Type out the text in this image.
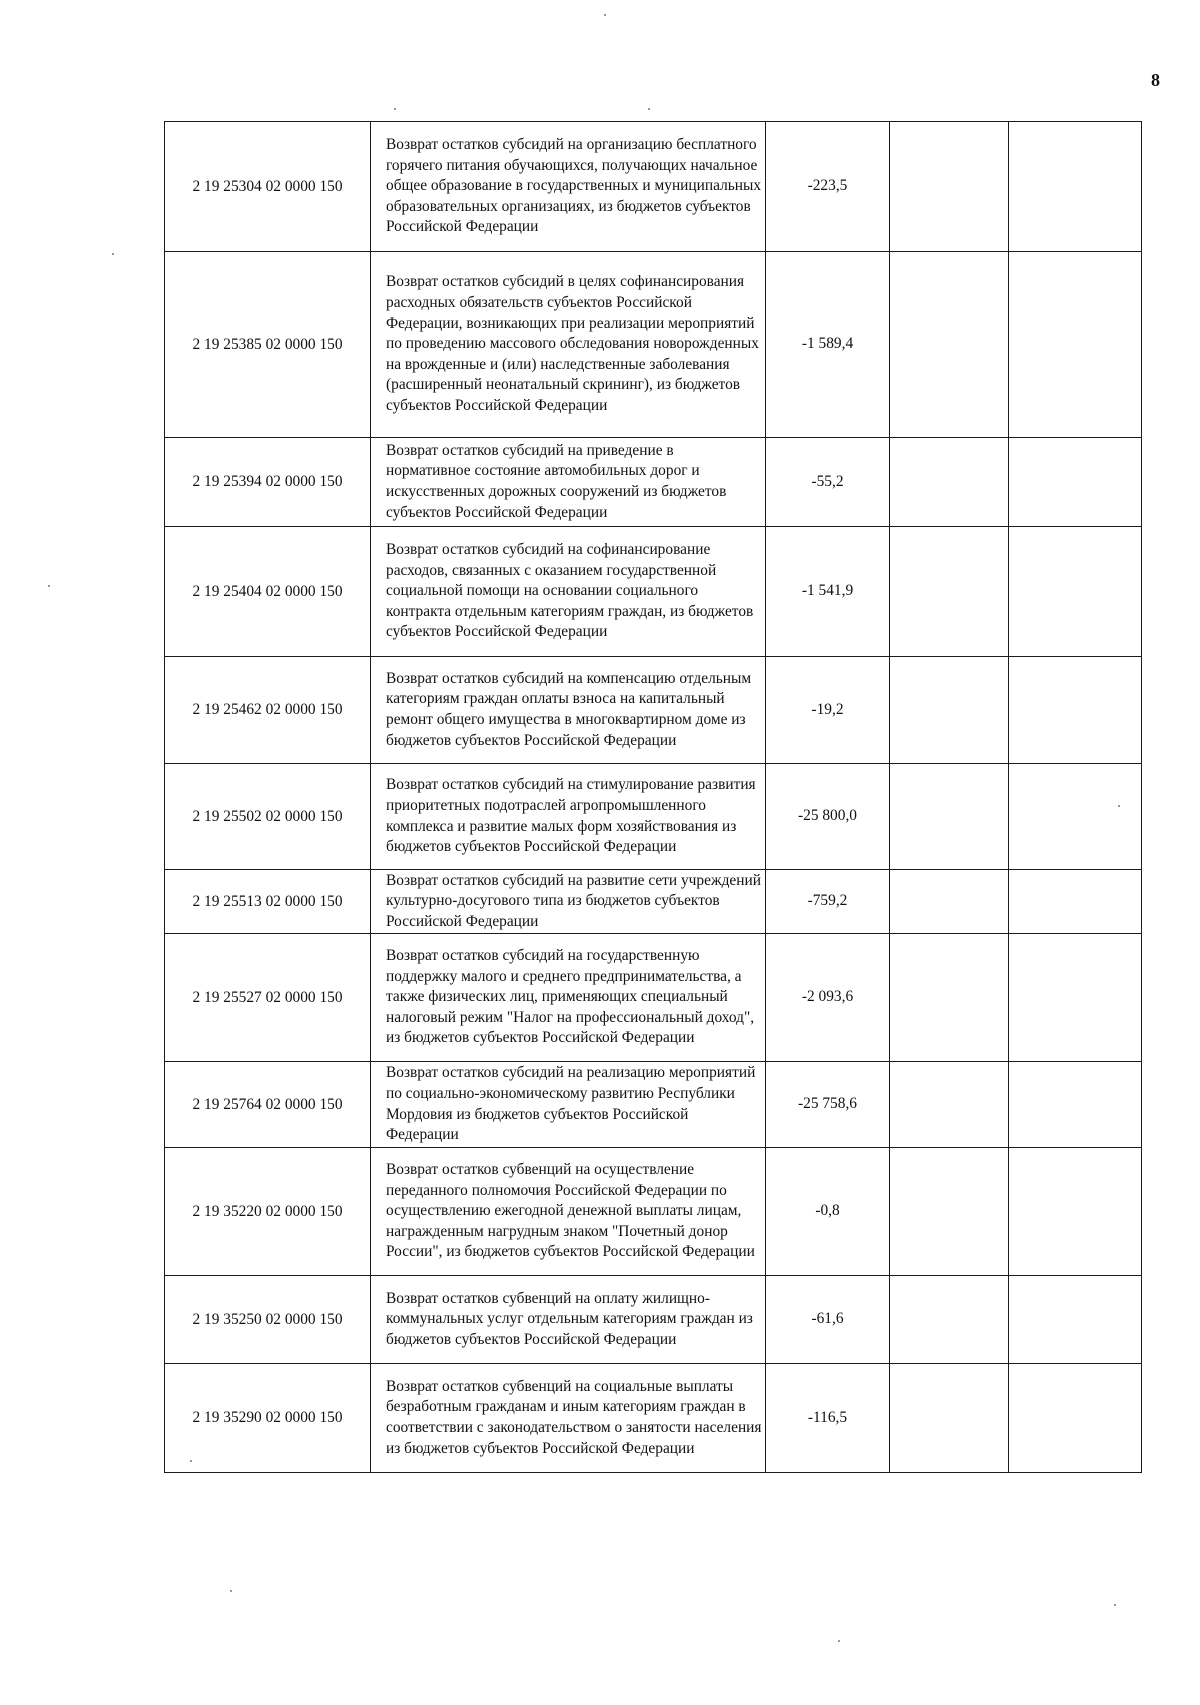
8
2 19 25304 02 0000 150	Возврат остатков субсидий на организацию бесплатного горячего питания обучающихся, получающих начальное общее образование в государственных и муниципальных образовательных организациях, из бюджетов субъектов Российской Федерации	-223,5		
2 19 25385 02 0000 150	Возврат остатков субсидий в целях софинансирования расходных обязательств субъектов Российской Федерации, возникающих при реализации мероприятий по проведению массового обследования новорожденных на врожденные и (или) наследственные заболевания (расширенный неонатальный скрининг), из бюджетов субъектов Российской Федерации	-1 589,4		
2 19 25394 02 0000 150	Возврат остатков субсидий на приведение в нормативное состояние автомобильных дорог и искусственных дорожных сооружений из бюджетов субъектов Российской Федерации	-55,2		
2 19 25404 02 0000 150	Возврат остатков субсидий на софинансирование расходов, связанных с оказанием государственной социальной помощи на основании социального контракта отдельным категориям граждан, из бюджетов субъектов Российской Федерации	-1 541,9		
2 19 25462 02 0000 150	Возврат остатков субсидий на компенсацию отдельным категориям граждан оплаты взноса на капитальный ремонт общего имущества в многоквартирном доме из бюджетов субъектов Российской Федерации	-19,2		
2 19 25502 02 0000 150	Возврат остатков субсидий на стимулирование развития приоритетных подотраслей агропромышленного комплекса и развитие малых форм хозяйствования из бюджетов субъектов Российской Федерации	-25 800,0		
2 19 25513 02 0000 150	Возврат остатков субсидий на развитие сети учреждений культурно-досугового типа из бюджетов субъектов Российской Федерации	-759,2		
2 19 25527 02 0000 150	Возврат остатков субсидий на государственную поддержку малого и среднего предпринимательства, а также физических лиц, применяющих специальный налоговый режим "Налог на профессиональный доход", из бюджетов субъектов Российской Федерации	-2 093,6		
2 19 25764 02 0000 150	Возврат остатков субсидий на реализацию мероприятий по социально-экономическому развитию Республики Мордовия из бюджетов субъектов Российской Федерации	-25 758,6		
2 19 35220 02 0000 150	Возврат остатков субвенций на осуществление переданного полномочия Российской Федерации по осуществлению ежегодной денежной выплаты лицам, награжденным нагрудным знаком "Почетный донор России", из бюджетов субъектов Российской Федерации	-0,8		
2 19 35250 02 0000 150	Возврат остатков субвенций на оплату жилищно-коммунальных услуг отдельным категориям граждан из бюджетов субъектов Российской Федерации	-61,6		
2 19 35290 02 0000 150	Возврат остатков субвенций на социальные выплаты безработным гражданам и иным категориям граждан в соответствии с законодательством о занятости населения из бюджетов субъектов Российской Федерации	-116,5		
